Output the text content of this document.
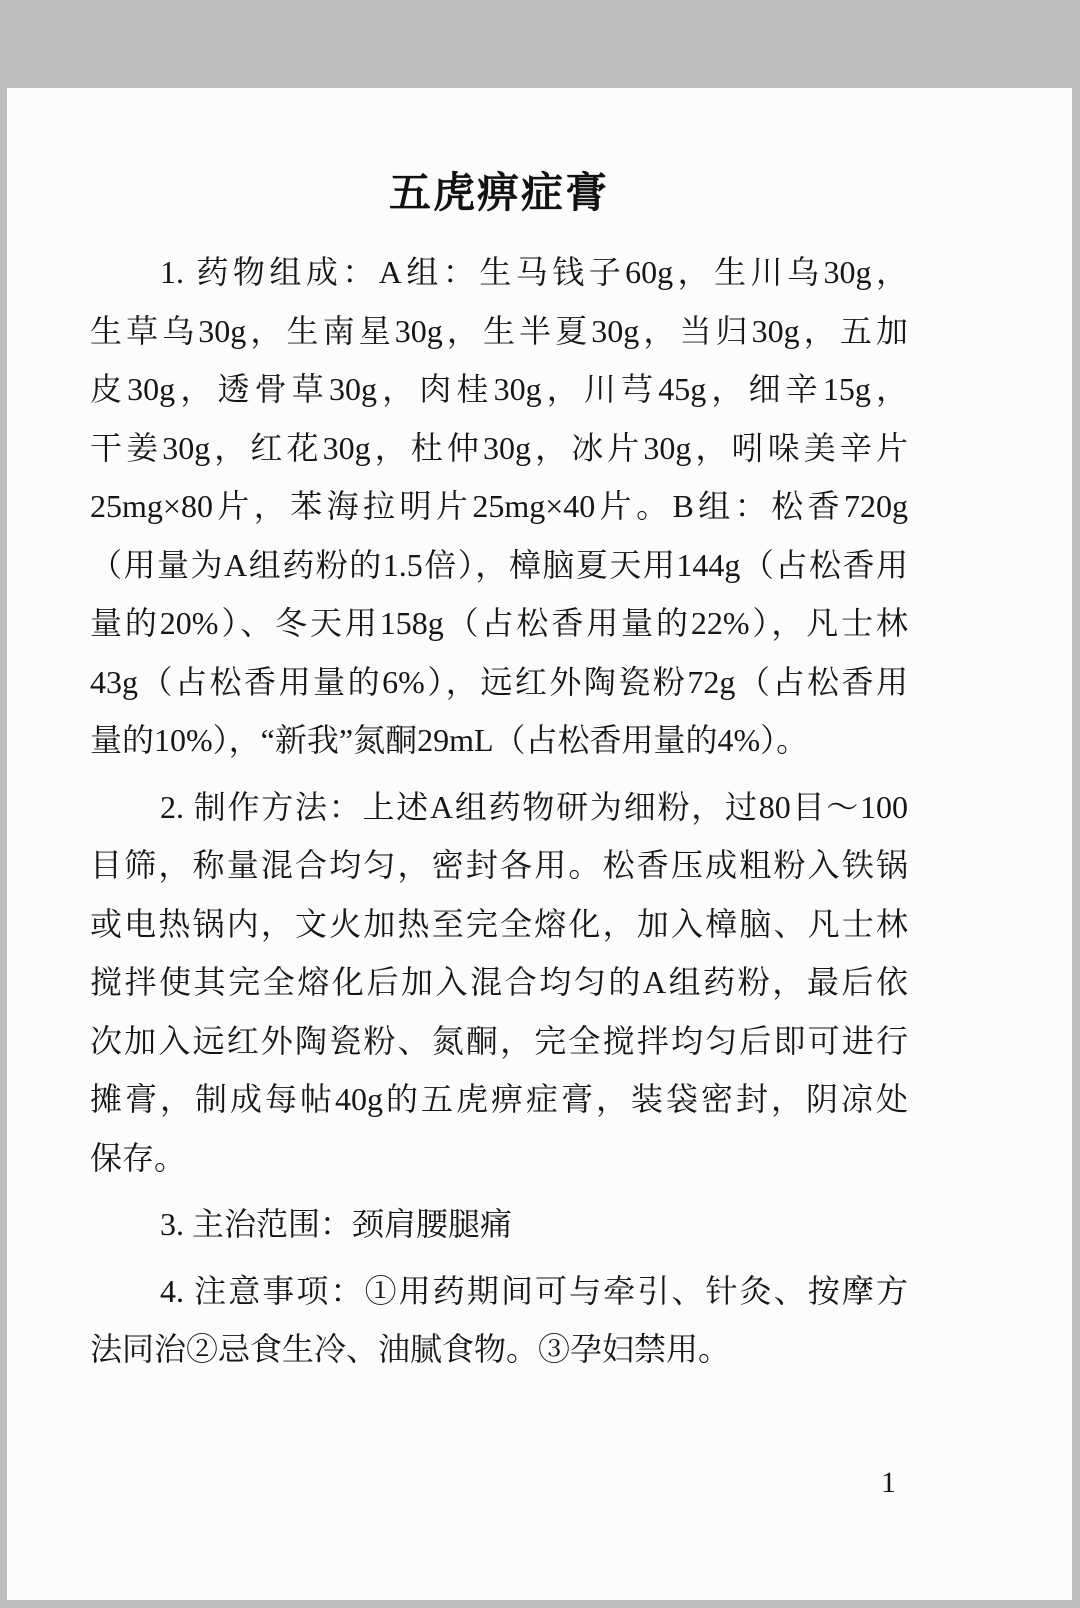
五虎痹症膏
1. 药物组成：A组：生马钱子60g，生川乌30g，
生草乌30g，生南星30g，生半夏30g，当归30g，五加
皮30g，透骨草30g，肉桂30g，川芎45g，细辛15g，
干姜30g，红花30g，杜仲30g，冰片30g，吲哚美辛片
25mg×80片，苯海拉明片25mg×40片。B组：松香720g
（用量为A组药粉的1.5倍），樟脑夏天用144g（占松香用
量的20%）、冬天用158g（占松香用量的22%），凡士林
43g（占松香用量的6%），远红外陶瓷粉72g（占松香用
量的10%），“新我”氮酮29mL（占松香用量的4%）。
2. 制作方法：上述A组药物研为细粉，过80目～100
目筛，称量混合均匀，密封各用。松香压成粗粉入铁锅
或电热锅内，文火加热至完全熔化，加入樟脑、凡士林
搅拌使其完全熔化后加入混合均匀的A组药粉，最后依
次加入远红外陶瓷粉、氮酮，完全搅拌均匀后即可进行
摊膏，制成每帖40g的五虎痹症膏，装袋密封，阴凉处
保存。
3. 主治范围：颈肩腰腿痛
4. 注意事项：①用药期间可与牵引、针灸、按摩方
法同治②忌食生冷、油腻食物。③孕妇禁用。
1
